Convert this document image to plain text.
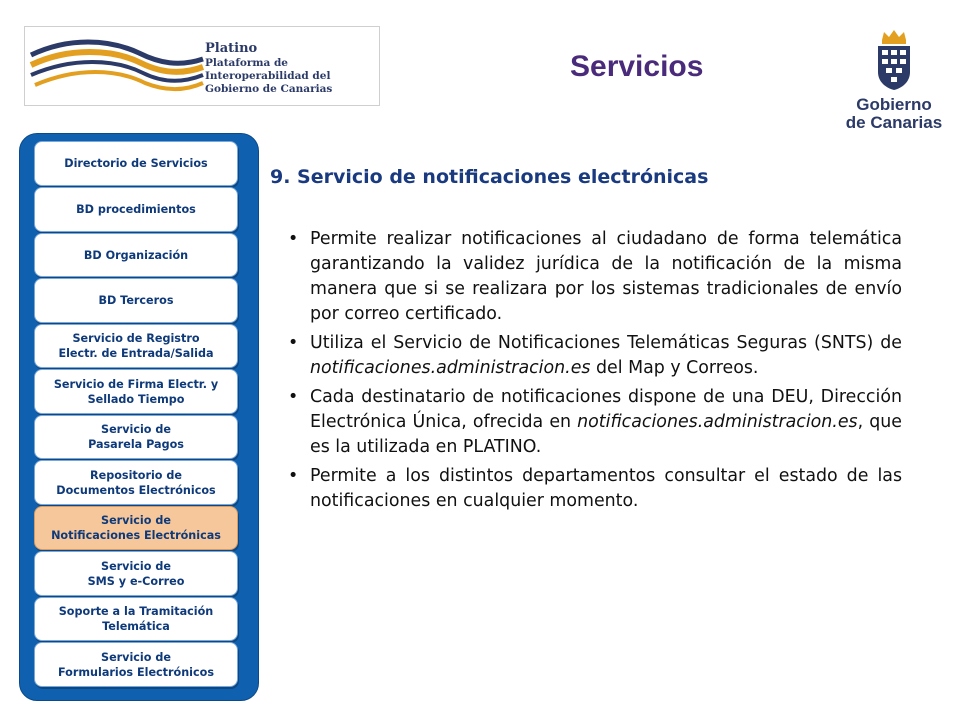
Platino
Plataforma de Interoperabilidad del
Gobierno de Canarias
Servicios
Gobierno
de Canarias
Directorio de Servicios
BD procedimientos
BD Organización
BD Terceros
Servicio de Registro
Electr. de Entrada/Salida
Servicio de Firma Electr. y
Sellado Tiempo
Servicio de
Pasarela Pagos
Repositorio de
Documentos Electrónicos
Servicio de
Notificaciones Electrónicas
Servicio de
SMS y e-Correo
Soporte a la Tramitación
Telemática
Servicio de
Formularios Electrónicos
9. Servicio de notificaciones electrónicas
• Permite realizar notificaciones al ciudadano de forma telemática garantizando la validez jurídica de la notificación de la misma manera que si se realizara por los sistemas tradicionales de envío por correo certificado.
• Utiliza el Servicio de Notificaciones Telemáticas Seguras (SNTS) de notificaciones.administracion.es del Map y Correos.
• Cada destinatario de notificaciones dispone de una DEU, Dirección Electrónica Única, ofrecida en notificaciones.administracion.es, que es la utilizada en PLATINO.
• Permite a los distintos departamentos consultar el estado de las notificaciones en cualquier momento.
